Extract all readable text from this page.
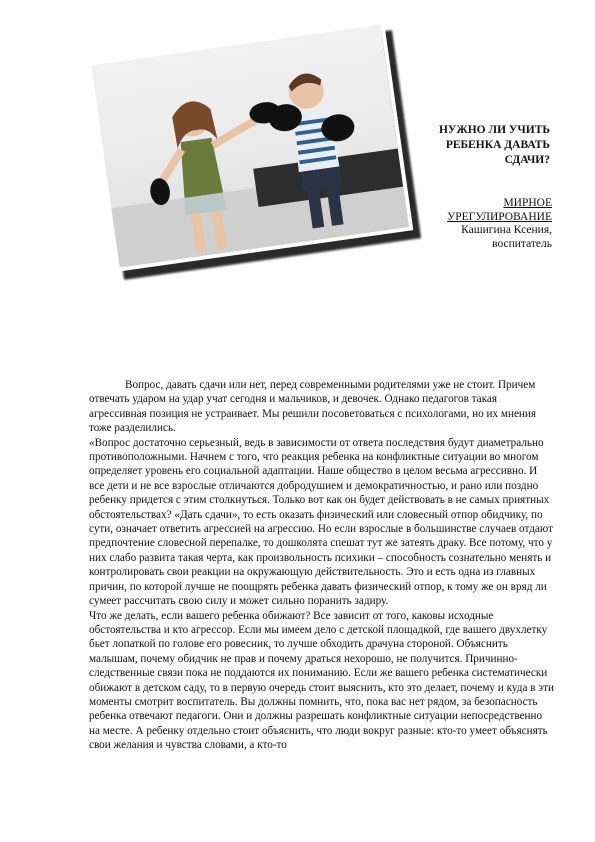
НУЖНО ЛИ УЧИТЬ
РЕБЕНКА ДАВАТЬ
СДАЧИ?
МИРНОЕ
УРЕГУЛИРОВАНИЕ
Кашигина Ксения,
воспитатель

Вопрос, давать сдачи или нет, перед современными родителями уже не стоит. Причем отвечать ударом на удар учат сегодня и мальчиков, и девочек. Однако педагогов такая агрессивная позиция не устраивает. Мы решили посоветоваться с психологами, но их мнения тоже разделились.

«Вопрос достаточно серьезный, ведь в зависимости от ответа последствия будут диаметрально противоположными. Начнем с того, что реакция ребенка на конфликтные ситуации во многом определяет уровень его социальной адаптации. Наше общество в целом весьма агрессивно. И все дети и не все взрослые отличаются добродушием и демократичностью, и рано или поздно ребенку придется с этим столкнуться. Только вот как он будет действовать в не самых приятных обстоятельствах? «Дать сдачи», то есть оказать физический или словесный отпор обидчику, по сути, означает ответить агрессией на агрессию. Но если взрослые в большинстве случаев отдают предпочтение словесной перепалке, то дошколята спешат тут же затеять драку. Все потому, что у них слабо развита такая черта, как произвольность психики – способность сознательно менять и контролировать свои реакции на окружающую действительность. Это и есть одна из главных причин, по которой лучше не поощрять ребенка давать физический отпор, к тому же он вряд ли сумеет рассчитать свою силу и может сильно поранить задиру.

Что же делать, если вашего ребенка обижают? Все зависит от того, каковы исходные обстоятельства и кто агрессор. Если мы имеем дело с детской площадкой, где вашего двухлетку бьет лопаткой по голове его ровесник, то лучше обходить драчуна стороной. Объяснить малышам, почему обидчик не прав и почему драться нехорошо, не получится. Причинно-следственные связи пока не поддаются их пониманию. Если же вашего ребенка систематически обижают в детском саду, то в первую очередь стоит выяснить, кто это делает, почему и куда в эти моменты смотрит воспитатель. Вы должны помнить, что, пока вас нет рядом, за безопасность ребенка отвечают педагоги. Они и должны разрешать конфликтные ситуации непосредственно на месте. А ребенку отдельно стоит объяснить, что люди вокруг разные: кто-то умеет объяснять свои желания и чувства словами, а кто-то
